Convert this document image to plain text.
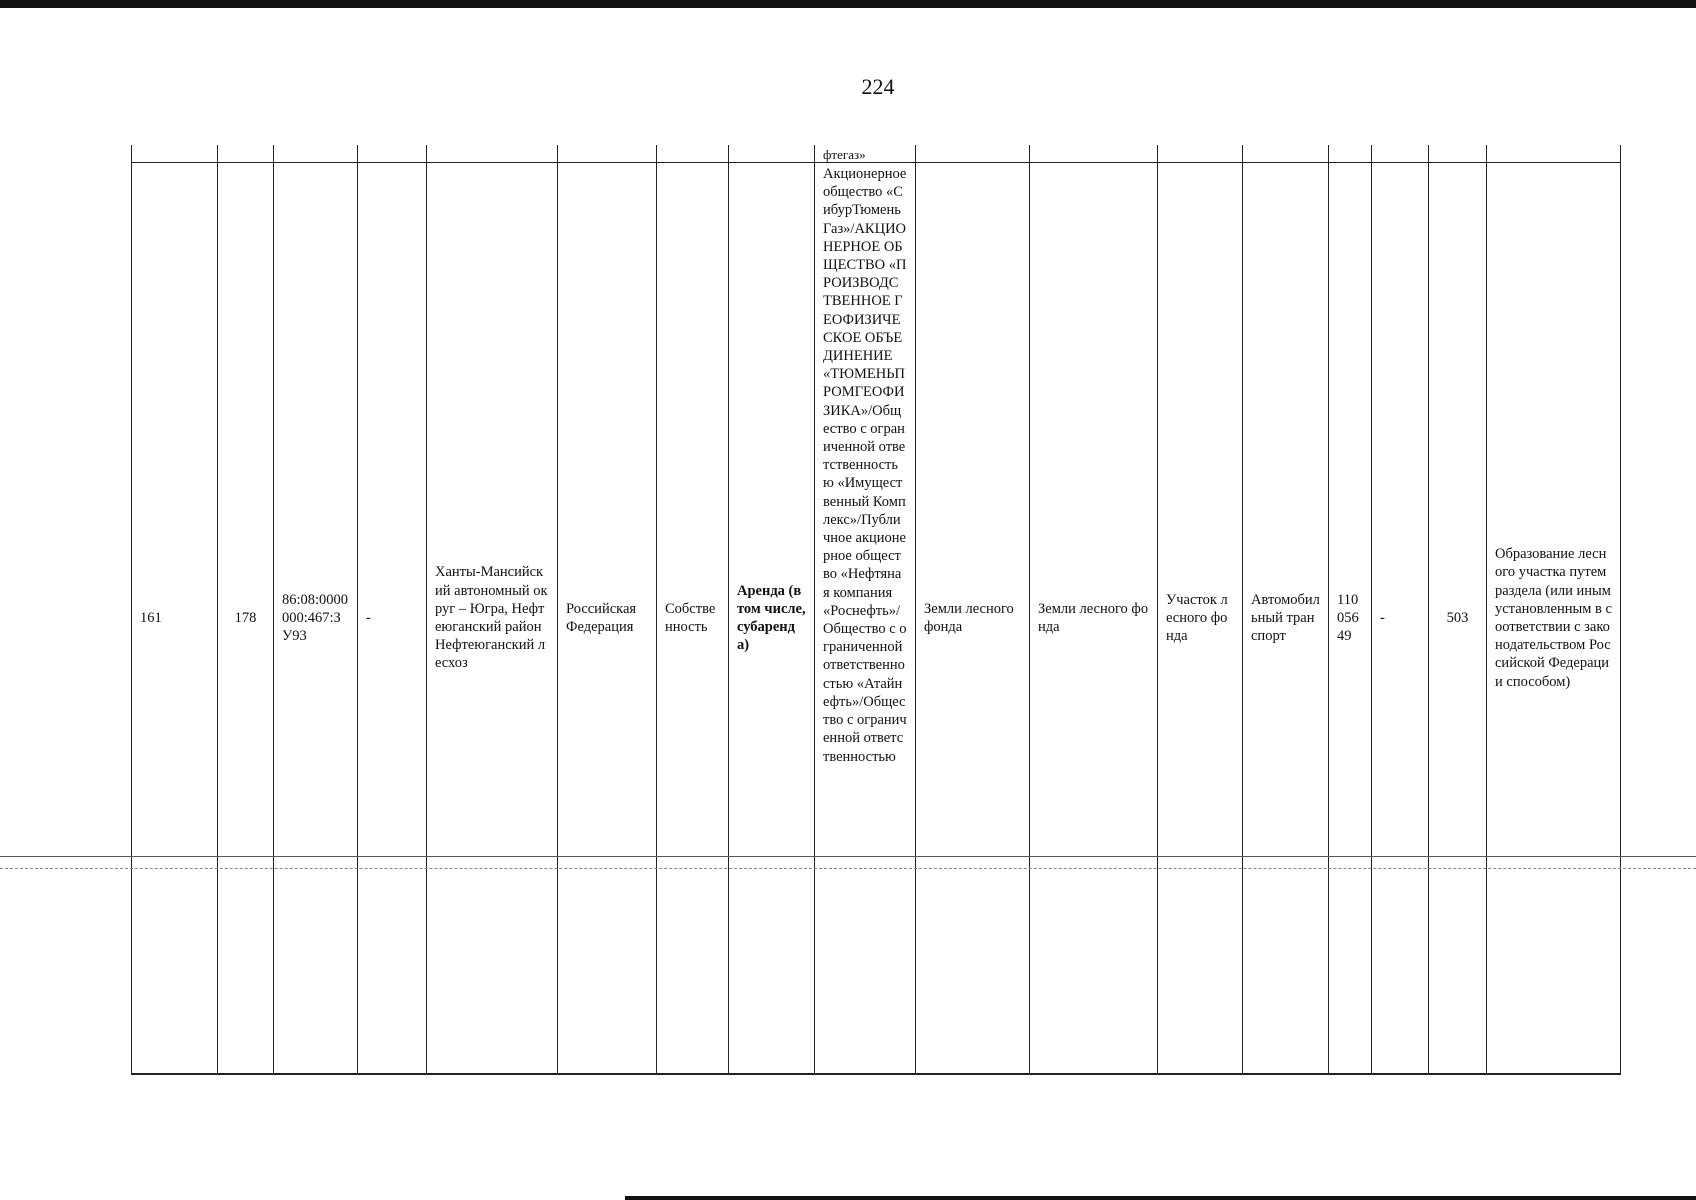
224
								фтегаз»								
161	178	86:08:0000000:467:ЗУ93	-	Ханты-Мансийский автономный округ – Югра, Нефтеюганский район Нефтеюганский лесхоз	Российская Федерация	Собственность	Аренда (в том числе, субаренда)	Акционерное общество «СибурТюменьГаз»/АКЦИОНЕРНОЕ ОБЩЕСТВО «ПРОИЗВОДСТВЕННОЕ ГЕОФИЗИЧЕСКОЕ ОБЪЕДИНЕНИЕ «ТЮМЕНЬПРОМГЕОФИЗИКА»/Общество с ограниченной ответственностью «Имущественный Комплекс»/Публичное акционерное общество «Нефтяная компания «Роснефть»/Общество с ограниченной ответственностью «Атайнефть»/Общество с ограниченной ответственностью	Земли лесного фонда	Земли лесного фонда	Участок лесного фонда	Автомобильный транспорт	11005649	-	503	Образование лесного участка путем раздела (или иным установленным в соответствии с законодательством Российской Федерации способом)
